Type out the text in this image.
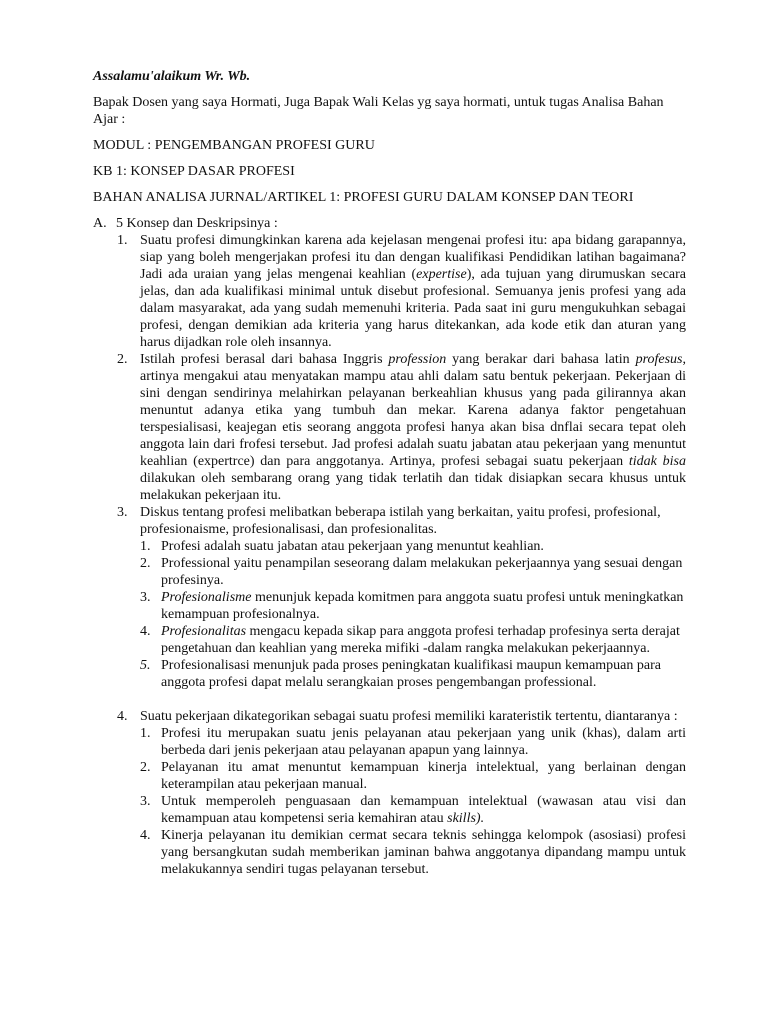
Assalamu'alaikum Wr. Wb.

Bapak Dosen yang saya Hormati, Juga Bapak Wali Kelas yg saya hormati, untuk tugas Analisa Bahan Ajar :

MODUL : PENGEMBANGAN PROFESI GURU

KB 1: KONSEP DASAR PROFESI

BAHAN ANALISA JURNAL/ARTIKEL 1: PROFESI GURU DALAM KONSEP DAN TEORI

A. 5 Konsep dan Deskripsinya :
1. Suatu profesi dimungkinkan karena ada kejelasan mengenai profesi itu: apa bidang garapannya, siap yang boleh mengerjakan profesi itu dan dengan kualifikasi Pendidikan latihan bagaimana? Jadi ada uraian yang jelas mengenai keahlian (expertise), ada tujuan yang dirumuskan secara jelas, dan ada kualifikasi minimal untuk disebut profesional. Semuanya jenis profesi yang ada dalam masyarakat, ada yang sudah memenuhi kriteria. Pada saat ini guru mengukuhkan sebagai profesi, dengan demikian ada kriteria yang harus ditekankan, ada kode etik dan aturan yang harus dijadkan role oleh insannya.
2. Istilah profesi berasal dari bahasa Inggris profession yang berakar dari bahasa latin profesus, artinya mengakui atau menyatakan mampu atau ahli dalam satu bentuk pekerjaan. Pekerjaan di sini dengan sendirinya melahirkan pelayanan berkeahlian khusus yang pada gilirannya akan menuntut adanya etika yang tumbuh dan mekar. Karena adanya faktor pengetahuan terspesialisasi, keajegan etis seorang anggota profesi hanya akan bisa dnflai secara tepat oleh anggota lain dari frofesi tersebut. Jad profesi adalah suatu jabatan atau pekerjaan yang menuntut keahlian (expertrce) dan para anggotanya. Artinya, profesi sebagai suatu pekerjaan tidak bisa dilakukan oleh sembarang orang yang tidak terlatih dan tidak disiapkan secara khusus untuk melakukan pekerjaan itu.
3. Diskus tentang profesi melibatkan beberapa istilah yang berkaitan, yaitu profesi, profesional, profesionaisme, profesionalisasi, dan profesionalitas.
1. Profesi adalah suatu jabatan atau pekerjaan yang menuntut keahlian.
2. Professional yaitu penampilan seseorang dalam melakukan pekerjaannya yang sesuai dengan profesinya.
3. Profesionalisme menunjuk kepada komitmen para anggota suatu profesi untuk meningkatkan kemampuan profesionalnya.
4. Profesionalitas mengacu kepada sikap para anggota profesi terhadap profesinya serta derajat pengetahuan dan keahlian yang mereka mifiki -dalam rangka melakukan pekerjaannya.
5. Profesionalisasi menunjuk pada proses peningkatan kualifikasi maupun kemampuan para anggota profesi dapat melalu serangkaian proses pengembangan professional.
4. Suatu pekerjaan dikategorikan sebagai suatu profesi memiliki karateristik tertentu, diantaranya :
1. Profesi itu merupakan suatu jenis pelayanan atau pekerjaan yang unik (khas), dalam arti berbeda dari jenis pekerjaan atau pelayanan apapun yang lainnya.
2. Pelayanan itu amat menuntut kemampuan kinerja intelektual, yang berlainan dengan keterampilan atau pekerjaan manual.
3. Untuk memperoleh penguasaan dan kemampuan intelektual (wawasan atau visi dan kemampuan atau kompetensi seria kemahiran atau skills).
4. Kinerja pelayanan itu demikian cermat secara teknis sehingga kelompok (asosiasi) profesi yang bersangkutan sudah memberikan jaminan bahwa anggotanya dipandang mampu untuk melakukannya sendiri tugas pelayanan tersebut.
